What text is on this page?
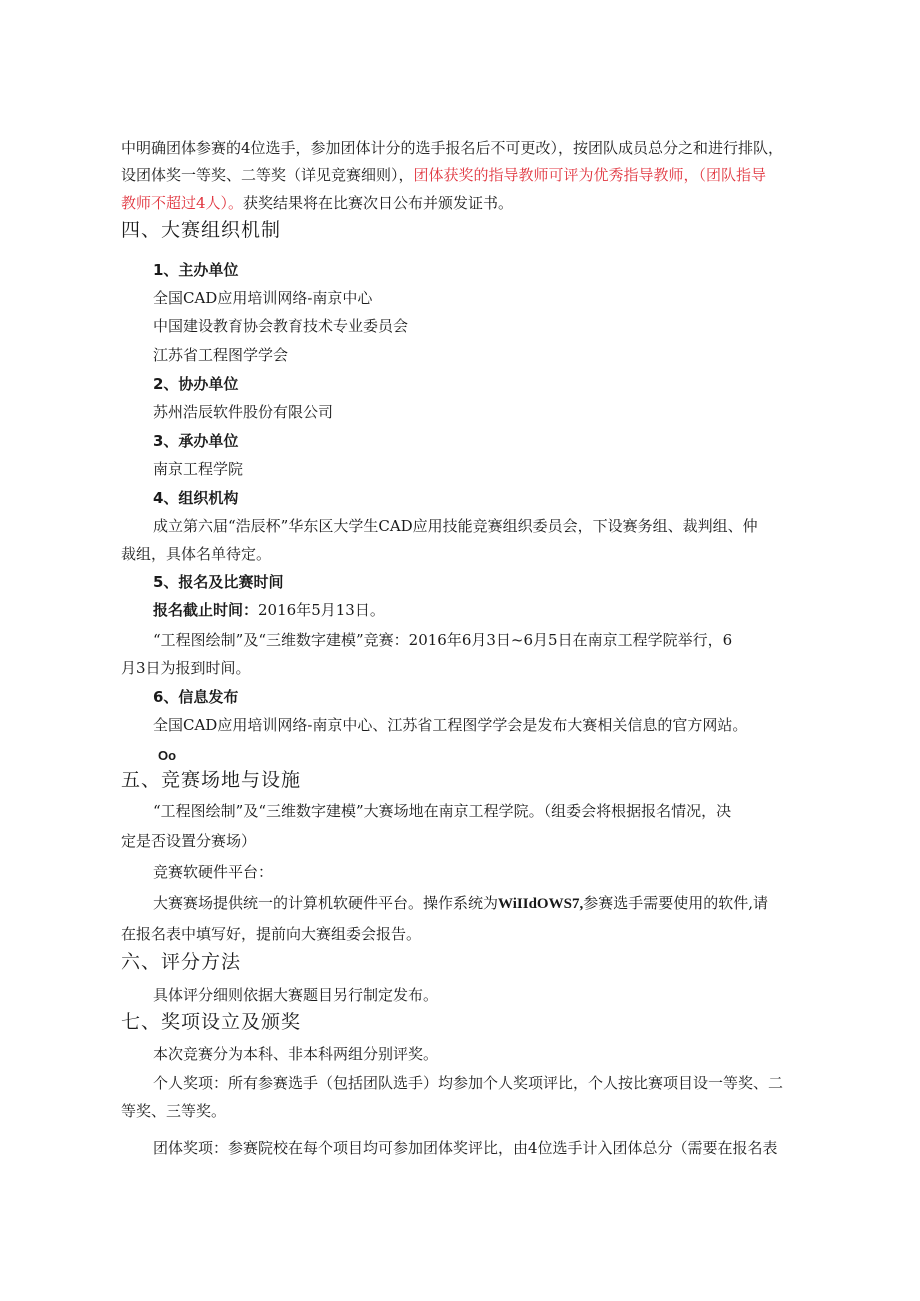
中明确团体参赛的4位选手，参加团体计分的选手报名后不可更改），按团队成员总分之和进行排队，
设团体奖一等奖、二等奖（详见竞赛细则），团体获奖的指导教师可评为优秀指导教师，（团队指导
教师不超过4人）。获奖结果将在比赛次日公布并颁发证书。
四、大赛组织机制
1、主办单位
全国CAD应用培训网络-南京中心
中国建设教育协会教育技术专业委员会
江苏省工程图学学会
2、协办单位
苏州浩辰软件股份有限公司
3、承办单位
南京工程学院
4、组织机构
成立第六届“浩辰杯”华东区大学生CAD应用技能竞赛组织委员会，下设赛务组、裁判组、仲
裁组，具体名单待定。
5、报名及比赛时间
报名截止时间：2016年5月13日。
“工程图绘制”及“三维数字建模”竞赛：2016年6月3日~6月5日在南京工程学院举行，6
月3日为报到时间。
6、信息发布
全国CAD应用培训网络-南京中心、江苏省工程图学学会是发布大赛相关信息的官方网站。
Oo
五、竞赛场地与设施
“工程图绘制”及“三维数字建模”大赛场地在南京工程学院。（组委会将根据报名情况，决
定是否设置分赛场）
竞赛软硬件平台：
大赛赛场提供统一的计算机软硬件平台。操作系统为WiIIdOWS7,参赛选手需要使用的软件,请
在报名表中填写好，提前向大赛组委会报告。
六、评分方法
具体评分细则依据大赛题目另行制定发布。
七、奖项设立及颁奖
本次竞赛分为本科、非本科两组分别评奖。
个人奖项：所有参赛选手（包括团队选手）均参加个人奖项评比，个人按比赛项目设一等奖、二
等奖、三等奖。
团体奖项：参赛院校在每个项目均可参加团体奖评比，由4位选手计入团体总分（需要在报名表
